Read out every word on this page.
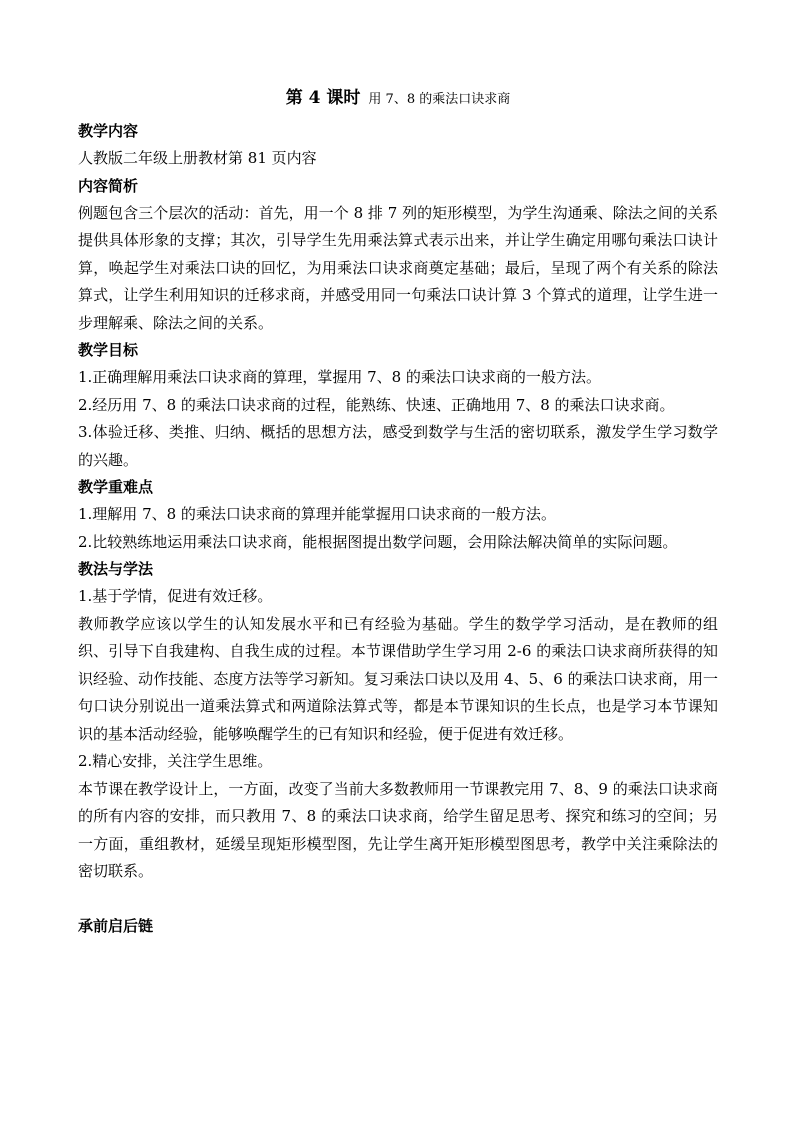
第 4 课时 用 7、8 的乘法口诀求商

教学内容

人教版二年级上册教材第 81 页内容

内容简析

例题包含三个层次的活动：首先，用一个 8 排 7 列的矩形模型，为学生沟通乘、除法之间的关系提供具体形象的支撑；其次，引导学生先用乘法算式表示出来，并让学生确定用哪句乘法口诀计算，唤起学生对乘法口诀的回忆，为用乘法口诀求商奠定基础；最后，呈现了两个有关系的除法算式，让学生利用知识的迁移求商，并感受用同一句乘法口诀计算 3 个算式的道理，让学生进一步理解乘、除法之间的关系。

教学目标

1.正确理解用乘法口诀求商的算理，掌握用 7、8 的乘法口诀求商的一般方法。

2.经历用 7、8 的乘法口诀求商的过程，能熟练、快速、正确地用 7、8 的乘法口诀求商。

3.体验迁移、类推、归纳、概括的思想方法，感受到数学与生活的密切联系，激发学生学习数学的兴趣。

教学重难点

1.理解用 7、8 的乘法口诀求商的算理并能掌握用口诀求商的一般方法。

2.比较熟练地运用乘法口诀求商，能根据图提出数学问题，会用除法解决简单的实际问题。

教法与学法

1.基于学情，促进有效迁移。

教师教学应该以学生的认知发展水平和已有经验为基础。学生的数学学习活动，是在教师的组织、引导下自我建构、自我生成的过程。本节课借助学生学习用 2-6 的乘法口诀求商所获得的知识经验、动作技能、态度方法等学习新知。复习乘法口诀以及用 4、5、6 的乘法口诀求商，用一句口诀分别说出一道乘法算式和两道除法算式等，都是本节课知识的生长点，也是学习本节课知识的基本活动经验，能够唤醒学生的已有知识和经验，便于促进有效迁移。

2.精心安排，关注学生思维。

本节课在教学设计上，一方面，改变了当前大多数教师用一节课教完用 7、8、9 的乘法口诀求商的所有内容的安排，而只教用 7、8 的乘法口诀求商，给学生留足思考、探究和练习的空间；另一方面，重组教材，延缓呈现矩形模型图，先让学生离开矩形模型图思考，教学中关注乘除法的密切联系。

承前启后链
